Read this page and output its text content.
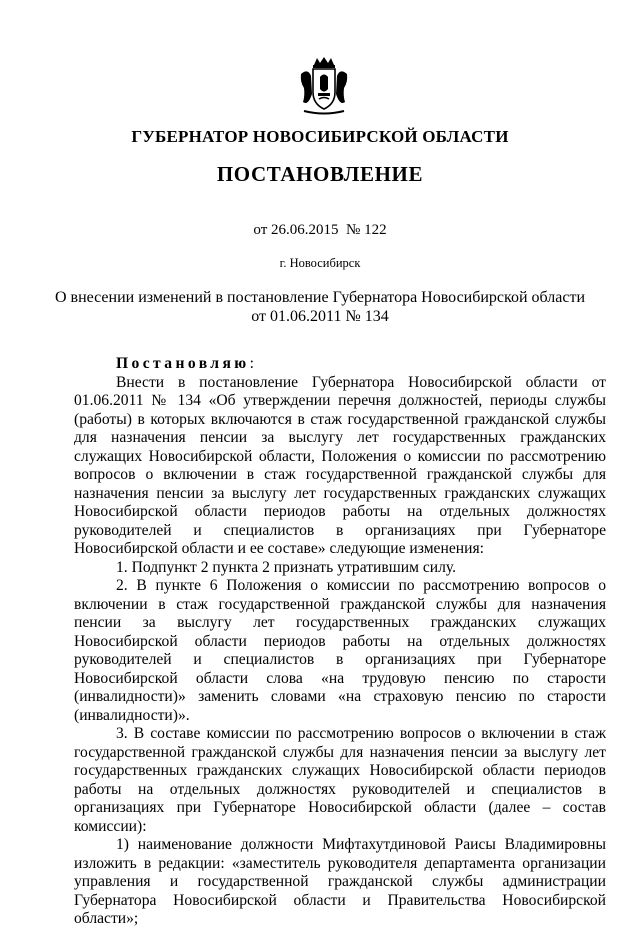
ГУБЕРНАТОР НОВОСИБИРСКОЙ ОБЛАСТИ
ПОСТАНОВЛЕНИЕ
от 26.06.2015  № 122
г. Новосибирск
О внесении изменений в постановление Губернатора Новосибирской области
от 01.06.2011 № 134

Постановляю:

Внести в постановление Губернатора Новосибирской области от 01.06.2011 № 134 «Об утверждении перечня должностей, периоды службы (работы) в которых включаются в стаж государственной гражданской службы для назначения пенсии за выслугу лет государственных гражданских служащих Новосибирской области, Положения о комиссии по рассмотрению вопросов о включении в стаж государственной гражданской службы для назначения пенсии за выслугу лет государственных гражданских служащих Новосибирской области периодов работы на отдельных должностях руководителей и специалистов в организациях при Губернаторе Новосибирской области и ее составе» следующие изменения:

1. Подпункт 2 пункта 2 признать утратившим силу.

2. В пункте 6 Положения о комиссии по рассмотрению вопросов о включении в стаж государственной гражданской службы для назначения пенсии за выслугу лет государственных гражданских служащих Новосибирской области периодов работы на отдельных должностях руководителей и специалистов в организациях при Губернаторе Новосибирской области слова «на трудовую пенсию по старости (инвалидности)» заменить словами «на страховую пенсию по старости (инвалидности)».

3. В составе комиссии по рассмотрению вопросов о включении в стаж государственной гражданской службы для назначения пенсии за выслугу лет государственных гражданских служащих Новосибирской области периодов работы на отдельных должностях руководителей и специалистов в организациях при Губернаторе Новосибирской области (далее – состав комиссии):

1) наименование должности Мифтахутдиновой Раисы Владимировны изложить в редакции: «заместитель руководителя департамента организации управления и государственной гражданской службы администрации Губернатора Новосибирской области и Правительства Новосибирской области»;
